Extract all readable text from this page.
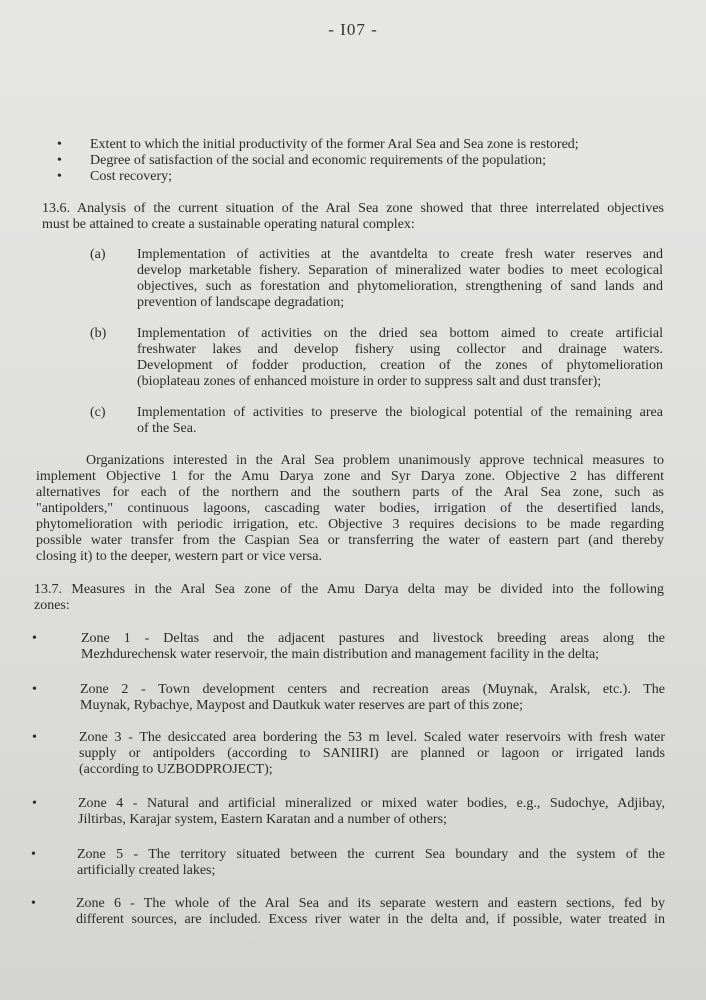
- I07 -
• Extent to which the initial productivity of the former Aral Sea and Sea zone is restored;
• Degree of satisfaction of the social and economic requirements of the population;
• Cost recovery;
13.6. Analysis of the current situation of the Aral Sea zone showed that three interrelated objectives
must be attained to create a sustainable operating natural complex:
(a) Implementation of activities at the avantdelta to create fresh water reserves and
develop marketable fishery. Separation of mineralized water bodies to meet ecological
objectives, such as forestation and phytomelioration, strengthening of sand lands and
prevention of landscape degradation;
(b) Implementation of activities on the dried sea bottom aimed to create artificial
freshwater lakes and develop fishery using collector and drainage waters.
Development of fodder production, creation of the zones of phytomelioration
(bioplateau zones of enhanced moisture in order to suppress salt and dust transfer);
(c) Implementation of activities to preserve the biological potential of the remaining area
of the Sea.
Organizations interested in the Aral Sea problem unanimously approve technical measures to
implement Objective 1 for the Amu Darya zone and Syr Darya zone. Objective 2 has different
alternatives for each of the northern and the southern parts of the Aral Sea zone, such as
"antipolders," continuous lagoons, cascading water bodies, irrigation of the desertified lands,
phytomelioration with periodic irrigation, etc. Objective 3 requires decisions to be made regarding
possible water transfer from the Caspian Sea or transferring the water of eastern part (and thereby
closing it) to the deeper, western part or vice versa.
13.7. Measures in the Aral Sea zone of the Amu Darya delta may be divided into the following
zones:
•	Zone 1 - Deltas and the adjacent pastures and livestock breeding areas along the
Mezhdurechensk water reservoir, the main distribution and management facility in the delta;
•	Zone 2 - Town development centers and recreation areas (Muynak, Aralsk, etc.). The
Muynak, Rybachye, Maypost and Dautkuk water reserves are part of this zone;
•	Zone 3 - The desiccated area bordering the 53 m level. Scaled water reservoirs with fresh water
supply or antipolders (according to SANIIRI) are planned or lagoon or irrigated lands
(according to UZBODPROJECT);
•	Zone 4 - Natural and artificial mineralized or mixed water bodies, e.g., Sudochye, Adjibay,
Jiltirbas, Karajar system, Eastern Karatan and a number of others;
•	Zone 5 - The territory situated between the current Sea boundary and the system of the
artificially created lakes;
•	Zone 6 - The whole of the Aral Sea and its separate western and eastern sections, fed by
different sources, are included. Excess river water in the delta and, if possible, water treated in
